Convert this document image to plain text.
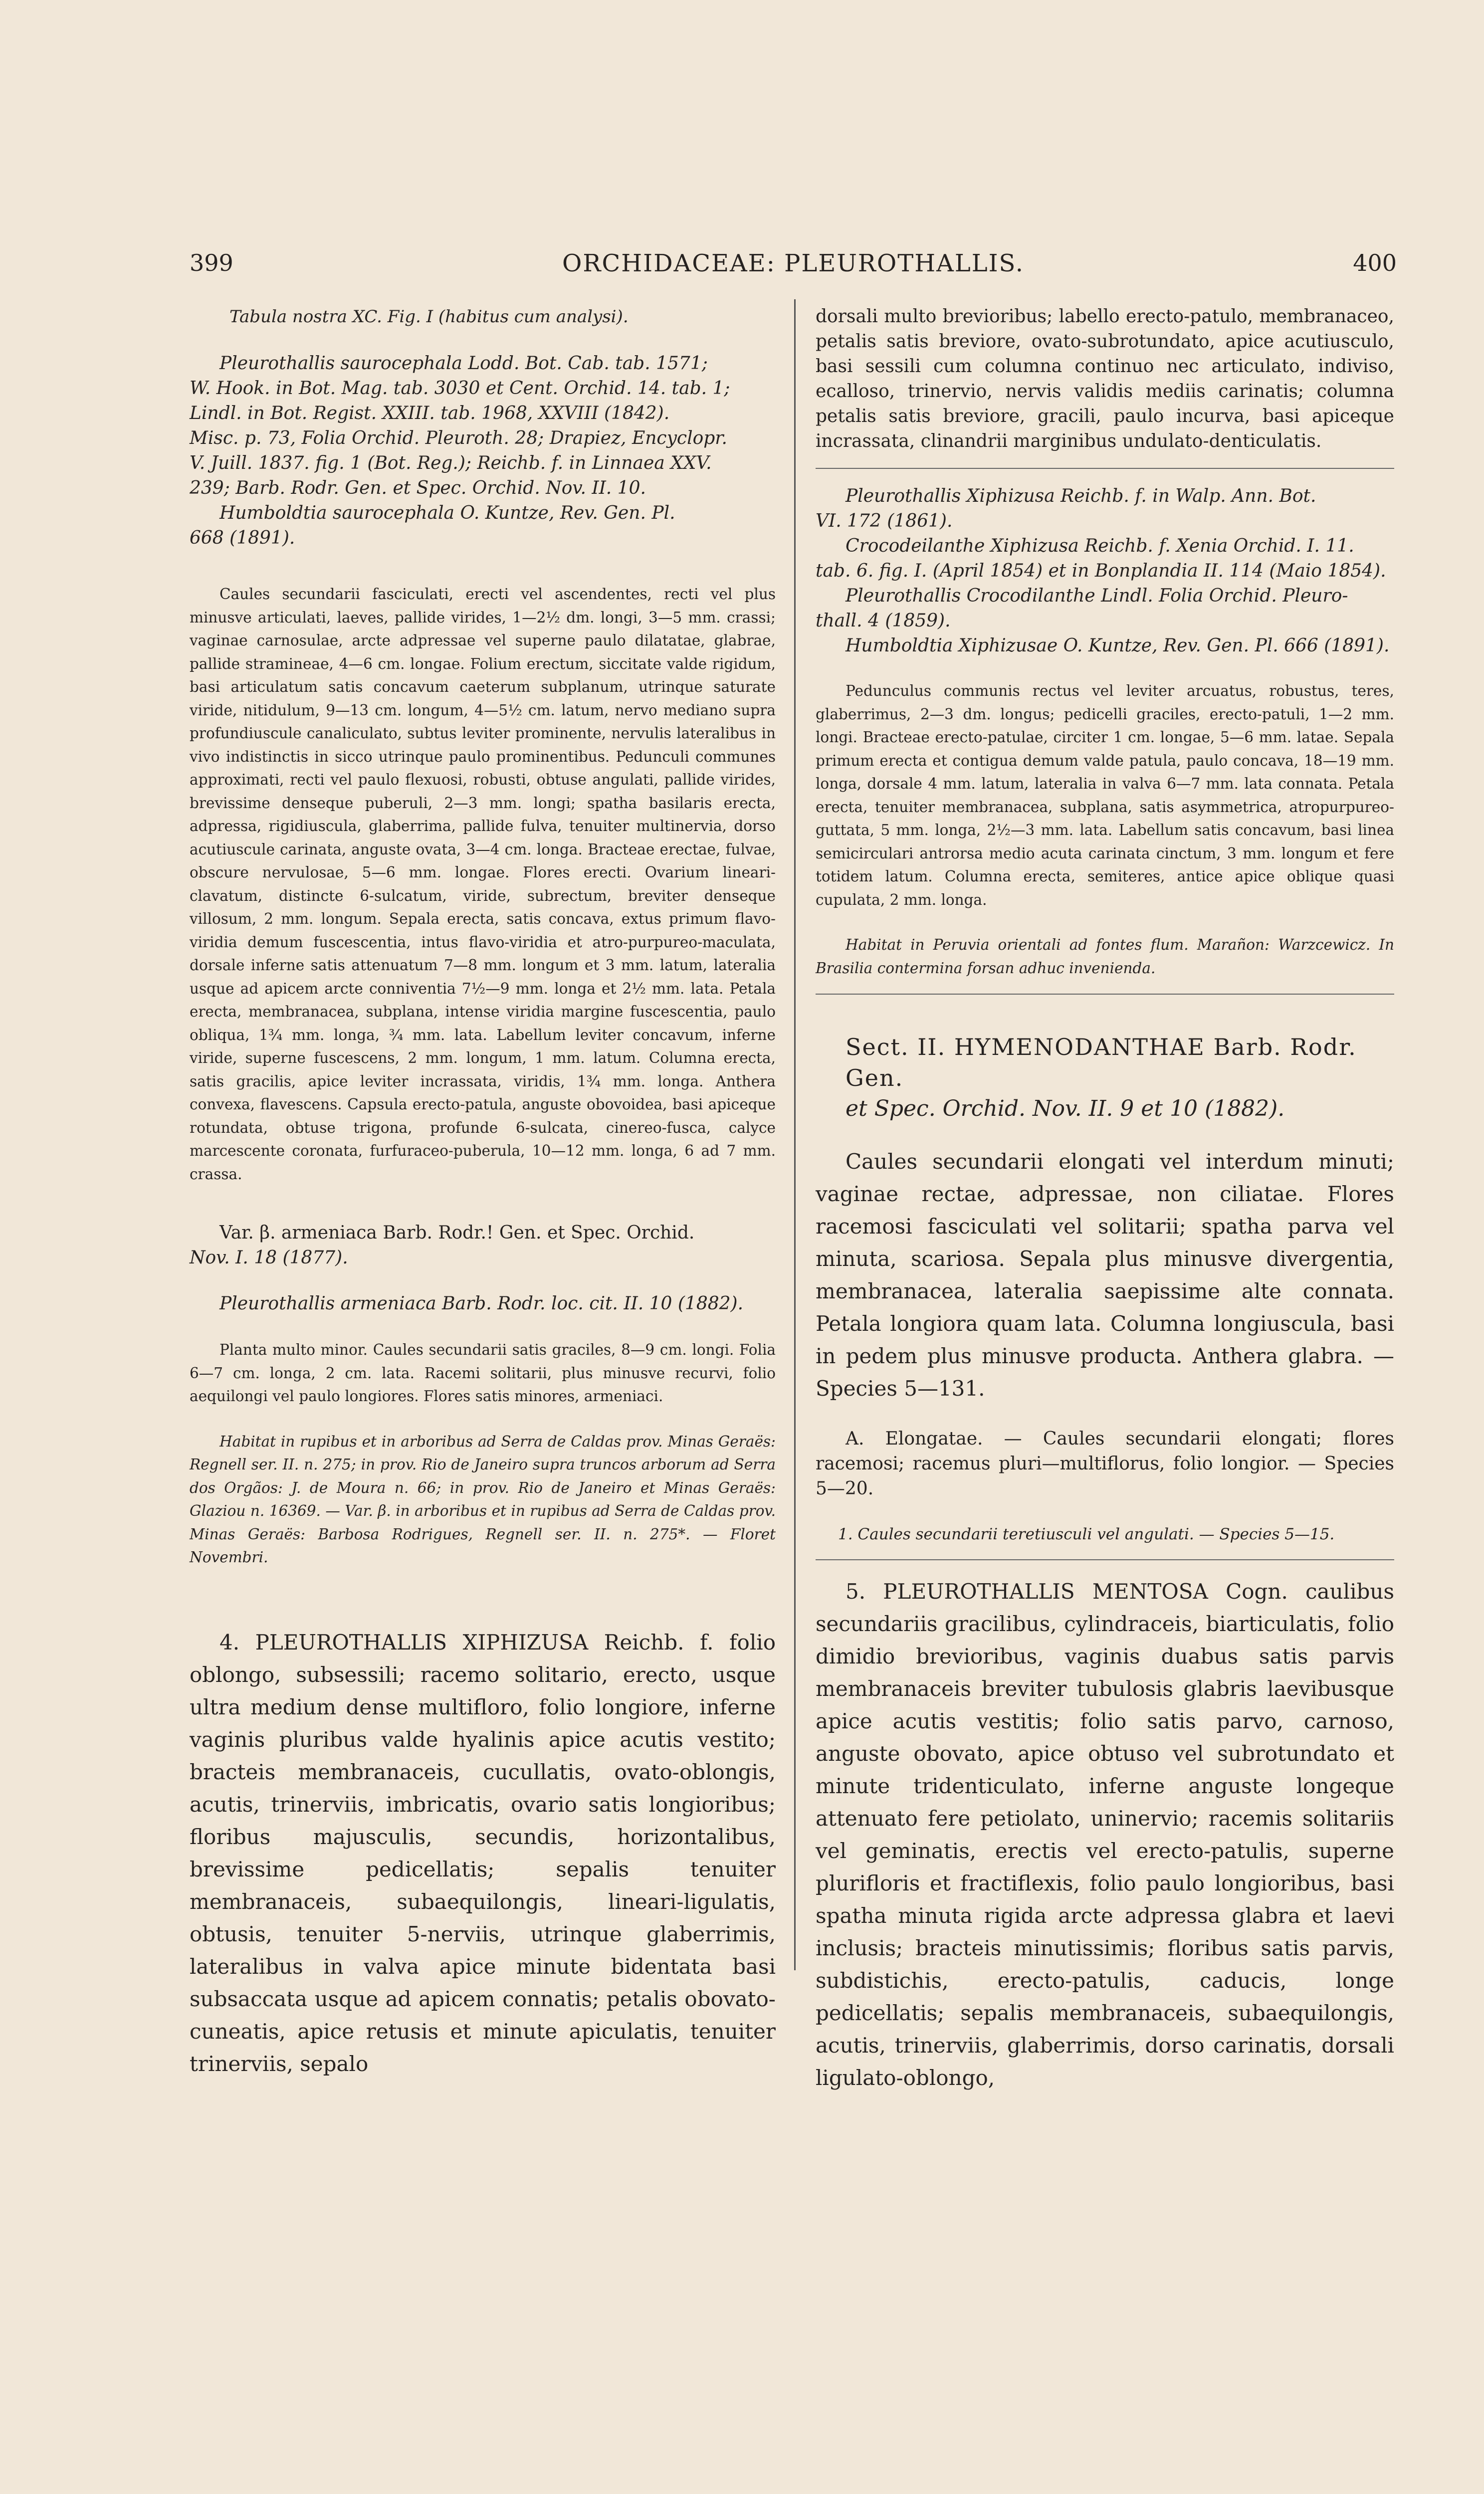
399	ORCHIDACEAE: PLEUROTHALLIS.	400

Tabula nostra XC. Fig. I (habitus cum analysi).

Pleurothallis saurocephala Lodd. Bot. Cab. tab. 1571;
W. Hook. in Bot. Mag. tab. 3030 et Cent. Orchid. 14. tab. 1;
Lindl. in Bot. Regist. XXIII. tab. 1968, XXVIII (1842).
Misc. p. 73, Folia Orchid. Pleuroth. 28; Drapiez, Encyclopr.
V. Juill. 1837. fig. 1 (Bot. Reg.); Reichb. f. in Linnaea XXV.
239; Barb. Rodr. Gen. et Spec. Orchid. Nov. II. 10.
Humboldtia saurocephala O. Kuntze, Rev. Gen. Pl.
668 (1891).

Caules secundarii fasciculati, erecti vel ascendentes, recti vel plus minusve articulati, laeves, pallide virides, 1—2½ dm. longi, 3—5 mm. crassi; vaginae carnosulae, arcte adpressae vel superne paulo dilatatae, glabrae, pallide stramineae, 4—6 cm. longae. Folium erectum, siccitate valde rigidum, basi articulatum satis concavum caeterum subplanum, utrinque saturate viride, nitidulum, 9—13 cm. longum, 4—5½ cm. latum, nervo mediano supra profundiuscule canaliculato, subtus leviter prominente, nervulis lateralibus in vivo indistinctis in sicco utrinque paulo prominentibus. Pedunculi communes approximati, recti vel paulo flexuosi, robusti, obtuse angulati, pallide virides, brevissime denseque puberuli, 2—3 mm. longi; spatha basilaris erecta, adpressa, rigidiuscula, glaberrima, pallide fulva, tenuiter multinervia, dorso acutiuscule carinata, anguste ovata, 3—4 cm. longa. Bracteae erectae, fulvae, obscure nervulosae, 5—6 mm. longae. Flores erecti. Ovarium lineari-clavatum, distincte 6-sulcatum, viride, subrectum, breviter denseque villosum, 2 mm. longum. Sepala erecta, satis concava, extus primum flavo-viridia demum fuscescentia, intus flavo-viridia et atro-purpureo-maculata, dorsale inferne satis attenuatum 7—8 mm. longum et 3 mm. latum, lateralia usque ad apicem arcte conniventia 7½—9 mm. longa et 2½ mm. lata. Petala erecta, membranacea, subplana, intense viridia margine fuscescentia, paulo obliqua, 1¾ mm. longa, ¾ mm. lata. Labellum leviter concavum, inferne viride, superne fuscescens, 2 mm. longum, 1 mm. latum. Columna erecta, satis gracilis, apice leviter incrassata, viridis, 1¾ mm. longa. Anthera convexa, flavescens. Capsula erecto-patula, anguste obovoidea, basi apiceque rotundata, obtuse trigona, profunde 6-sulcata, cinereo-fusca, calyce marcescente coronata, furfuraceo-puberula, 10—12 mm. longa, 6 ad 7 mm. crassa.

Var. β. armeniaca Barb. Rodr.! Gen. et Spec. Orchid.
Nov. I. 18 (1877).

Pleurothallis armeniaca Barb. Rodr. loc. cit. II. 10 (1882).

Planta multo minor. Caules secundarii satis graciles, 8—9 cm. longi. Folia 6—7 cm. longa, 2 cm. lata. Racemi solitarii, plus minusve recurvi, folio aequilongi vel paulo longiores. Flores satis minores, armeniaci.

Habitat in rupibus et in arboribus ad Serra de Caldas prov. Minas Geraës: Regnell ser. II. n. 275; in prov. Rio de Janeiro supra truncos arborum ad Serra dos Orgãos: J. de Moura n. 66; in prov. Rio de Janeiro et Minas Geraës: Glaziou n. 16369. — Var. β. in arboribus et in rupibus ad Serra de Caldas prov. Minas Geraës: Barbosa Rodrigues, Regnell ser. II. n. 275*. — Floret Novembri.

4. PLEUROTHALLIS XIPHIZUSA Reichb. f. folio oblongo, subsessili; racemo solitario, erecto, usque ultra medium dense multifloro, folio longiore, inferne vaginis pluribus valde hyalinis apice acutis vestito; bracteis membranaceis, cucullatis, ovato-oblongis, acutis, trinerviis, imbricatis, ovario satis longioribus; floribus majusculis, secundis, horizontalibus, brevissime pedicellatis; sepalis tenuiter membranaceis, subaequilongis, lineari-ligulatis, obtusis, tenuiter 5-nerviis, utrinque glaberrimis, lateralibus in valva apice minute bidentata basi subsaccata usque ad apicem connatis; petalis obovato-cuneatis, apice retusis et minute apiculatis, tenuiter trinerviis, sepalo

dorsali multo brevioribus; labello erecto-patulo, membranaceo, petalis satis breviore, ovato-subrotundato, apice acutiusculo, basi sessili cum columna continuo nec articulato, indiviso, ecalloso, trinervio, nervis validis mediis carinatis; columna petalis satis breviore, gracili, paulo incurva, basi apiceque incrassata, clinandrii marginibus undulato-denticulatis.

Pleurothallis Xiphizusa Reichb. f. in Walp. Ann. Bot.
VI. 172 (1861).
Crocodeilanthe Xiphizusa Reichb. f. Xenia Orchid. I. 11.
tab. 6. fig. I. (April 1854) et in Bonplandia II. 114 (Maio 1854).
Pleurothallis Crocodilanthe Lindl. Folia Orchid. Pleuro-
thall. 4 (1859).
Humboldtia Xiphizusae O. Kuntze, Rev. Gen. Pl. 666 (1891).

Pedunculus communis rectus vel leviter arcuatus, robustus, teres, glaberrimus, 2—3 dm. longus; pedicelli graciles, erecto-patuli, 1—2 mm. longi. Bracteae erecto-patulae, circiter 1 cm. longae, 5—6 mm. latae. Sepala primum erecta et contigua demum valde patula, paulo concava, 18—19 mm. longa, dorsale 4 mm. latum, lateralia in valva 6—7 mm. lata connata. Petala erecta, tenuiter membranacea, subplana, satis asymmetrica, atropurpureo-guttata, 5 mm. longa, 2½—3 mm. lata. Labellum satis concavum, basi linea semicirculari antrorsa medio acuta carinata cinctum, 3 mm. longum et fere totidem latum. Columna erecta, semiteres, antice apice oblique quasi cupulata, 2 mm. longa.

Habitat in Peruvia orientali ad fontes flum. Marañon: Warzcewicz. In Brasilia contermina forsan adhuc invenienda.

Sect. II. HYMENODANTHAE Barb. Rodr. Gen.
et Spec. Orchid. Nov. II. 9 et 10 (1882).

Caules secundarii elongati vel interdum minuti; vaginae rectae, adpressae, non ciliatae. Flores racemosi fasciculati vel solitarii; spatha parva vel minuta, scariosa. Sepala plus minusve divergentia, membranacea, lateralia saepissime alte connata. Petala longiora quam lata. Columna longiuscula, basi in pedem plus minusve producta. Anthera glabra. — Species 5—131.

A. Elongatae. — Caules secundarii elongati; flores racemosi; racemus pluri—multiflorus, folio longior. — Species 5—20.

1. Caules secundarii teretiusculi vel angulati. — Species 5—15.

5. PLEUROTHALLIS MENTOSA Cogn. caulibus secundariis gracilibus, cylindraceis, biarticulatis, folio dimidio brevioribus, vaginis duabus satis parvis membranaceis breviter tubulosis glabris laevibusque apice acutis vestitis; folio satis parvo, carnoso, anguste obovato, apice obtuso vel subrotundato et minute tridenticulato, inferne anguste longeque attenuato fere petiolato, uninervio; racemis solitariis vel geminatis, erectis vel erecto-patulis, superne plurifloris et fractiflexis, folio paulo longioribus, basi spatha minuta rigida arcte adpressa glabra et laevi inclusis; bracteis minutissimis; floribus satis parvis, subdistichis, erecto-patulis, caducis, longe pedicellatis; sepalis membranaceis, subaequilongis, acutis, trinerviis, glaberrimis, dorso carinatis, dorsali ligulato-oblongo,
